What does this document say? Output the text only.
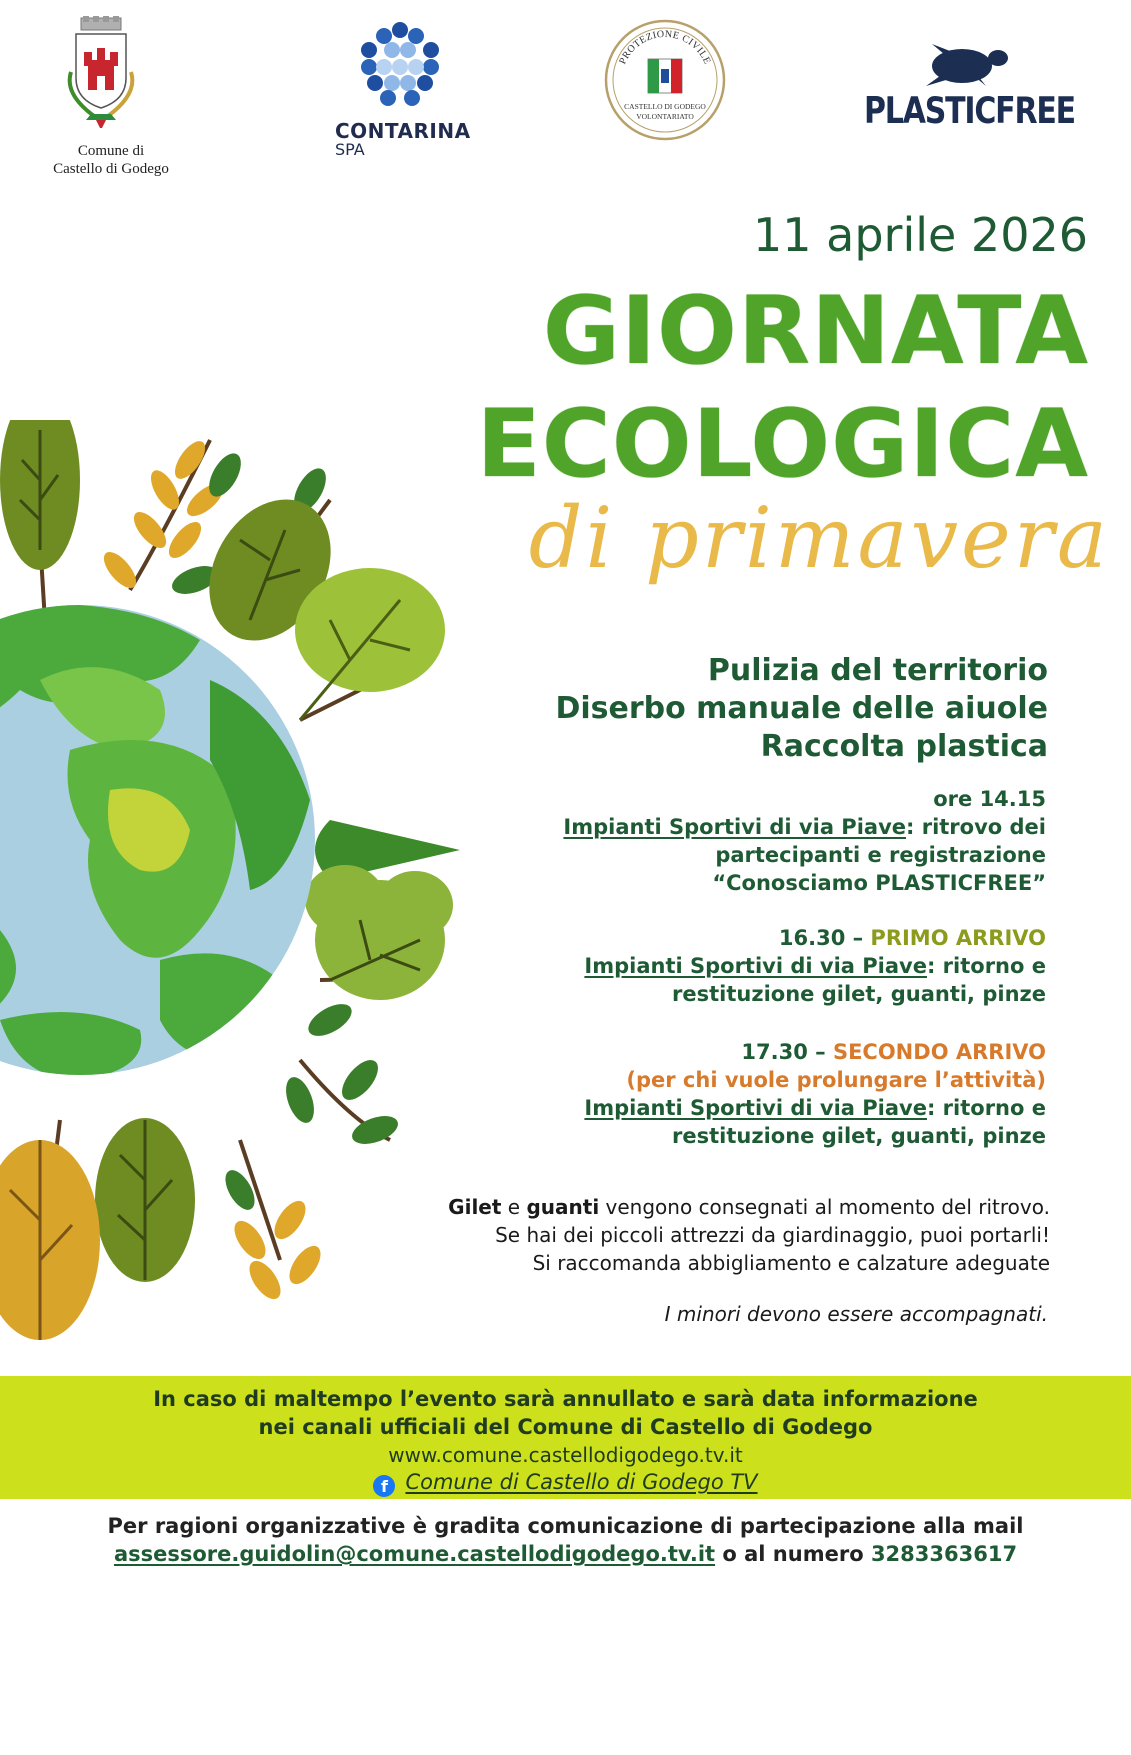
Comune di
Castello di Godego
CONTARINA
SPA
PROTEZIONE CIVILE
CASTELLO DI GODEGO
VOLONTARIATO	PLASTICFREE
11 aprile 2026
GIORNATA
ECOLOGICA
di primavera
Pulizia del territorio
Diserbo manuale delle aiuole
Raccolta plastica
ore 14.15
Impianti Sportivi di via Piave: ritrovo dei
partecipanti e registrazione
“Conosciamo PLASTICFREE”
16.30 – PRIMO ARRIVO
Impianti Sportivi di via Piave: ritorno e
restituzione gilet, guanti, pinze
17.30 – SECONDO ARRIVO
(per chi vuole prolungare l’attività)
Impianti Sportivi di via Piave: ritorno e
restituzione gilet, guanti, pinze
Gilet e guanti vengono consegnati al momento del ritrovo.
Se hai dei piccoli attrezzi da giardinaggio, puoi portarli!
Si raccomanda abbigliamento e calzature adeguate
I minori devono essere accompagnati.
In caso di maltempo l’evento sarà annullato e sarà data informazione
nei canali ufficiali del Comune di Castello di Godego
www.comune.castellodigodego.tv.it
f Comune di Castello di Godego TV
Per ragioni organizzative è gradita comunicazione di partecipazione alla mail
assessore.guidolin@comune.castellodigodego.tv.it o al numero 3283363617
